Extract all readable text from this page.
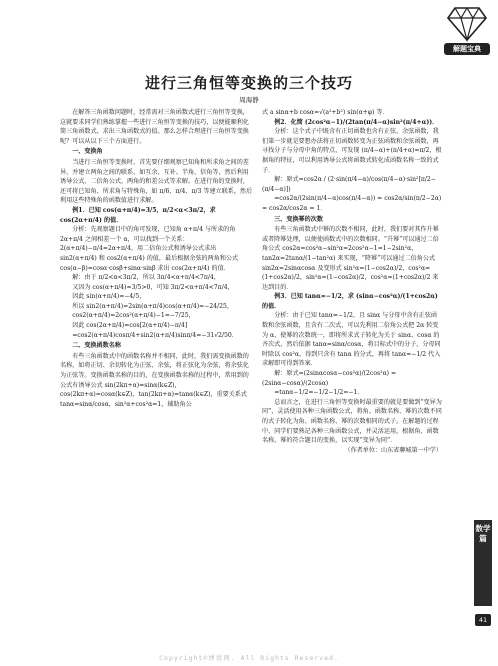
解题宝典
进行三角恒等变换的三个技巧
周海静

在解答三角函数问题时，经常需对三角函数式进行三角恒等变换，这就要求同学们熟练掌握一些进行三角恒等变换的技巧，以便能顺利化简三角函数式、求出三角函数式的值。那么怎样合理进行三角恒等变换呢？可以从以下三个方面进行。

一、变换角

当进行三角恒等变换时，首先要仔细观察已知角和所求角之间的差异，并建立两角之间的联系，如互余、互补、半角、倍角等，然后利用诱导公式、二倍角公式、两角的和差公式等求解。在进行角的变换时，还可将已知角、所求角与特殊角，如 π/6、π/4、π/3 等建立联系，然后利用这些特殊角的函数值进行求解。

例1．已知 cos(α+π/4)=3/5，π/2<α<3π/2，求 cos(2α+π/4) 的值．

分析：先观察题目中的角可发现，已知角 α+π/4 与所求的角 2α+π/4 之间相差一个 α，可以找到一个关系：2(α+π/4)−π/4=2α+π/4，用二倍角公式和诱导公式求出 sin2(α+π/4) 和 cos2(α+π/4) 的值，最后根据余弦的两角和公式 cos(α−β)=cosα·cosβ+sinα·sinβ 求出 cos(2α+π/4) 的值．

解：由于 π/2<α<3π/2，所以 3π/4<α+π/4<7π/4，

又因为 cos(α+π/4)=3/5>0，可知 3π/2<α+π/4<7π/4，

因此 sin(α+π/4)=−4/5，

所以 sin2(α+π/4)=2sin(α+π/4)cos(α+π/4)=−24/25，

cos2(α+π/4)=2cos²(α+π/4)−1=−7/25，

因此 cos(2α+π/4)=cos[2(α+π/4)−π/4]

=cos2(α+π/4)cosπ/4+sin2(α+π/4)sinπ/4=−31√2/50．

二、变换函数名称

有些三角函数式中的函数名称并不相同，此时，我们需变换函数的名称，如将正切、余切转化为正弦、余弦，将正弦化为余弦，将余弦化为正弦等。变换函数名称的目的，在变换函数名称的过程中，常用到的公式有诱导公式 sin(2kπ+α)=sinα(k∈Z)，cos(2kπ+α)=cosα(k∈Z)，tan(2kπ+α)=tanα(k∈Z)，重要关系式 tanα=sinα/cosα，sin²α+cos²α=1，辅助角公

式 a sinα+b cosα=√(a²+b²) sin(α+φ) 等．

例2．化简 (2cos²α−1)/(2tan(π/4−α)sin²(π/4+α))．

分析：这个式子中既含有正切函数也含有正弦、余弦函数，我们第一步就是要想办法将正切函数转变为正弦函数和余弦函数，再寻找分子与分母中角的特点，可发现 (π/4−α)+(π/4+α)=π/2，根据角的特征，可以利用诱导公式将函数式转化成函数名称一致的式子．

解：原式=cos2α / (2·sin(π/4−α)/cos(π/4−α)·sin²[π/2−(π/4−α)])

=cos2α/(2sin(π/4−α)cos(π/4−α)) = cos2α/sin(π/2−2α) = cos2α/cos2α = 1．

三、变换幂的次数

有些三角函数式中幂的次数不相同，此时，我们要对其作升幂或者降幂处理，以便使函数式中的次数相同。“升幂”可以通过二倍角公式 cos2α=cos²α−sin²α=2cos²α−1=1−2sin²α，tan2α=2tanα/(1−tan²α) 来实现，“降幂”可以通过二倍角公式 sin2α=2sinαcosα 及变形式 sin²α=(1−cos2α)/2，cos²α=(1+cos2α)/2，sin²α=(1−cos2α)/2，cos²α=(1+cos2α)/2 来达到目的．

例3．已知 tanα=−1/2，求 (sinα−cos²α)/(1+cos2α) 的值．

分析：由于已知 tanα=−1/2，且 sinα 与分母中含有正弦函数和余弦函数，且含有二次式，可以先利用二倍角公式把 2α 转变为 α，使幂的次数统一，即将所求式子转化为关于 sinα、cosα 的齐次式，然后依据 tanα=sinα/cosα，将目标式中的分子、分母同时除以 cos²α，得到只含有 tanα 的分式，再将 tanα=−1/2 代入求解即可得到答案．

解：原式=(2sinαcosα−cos²α)/(2cos²α) = (2sinα−cosα)/(2cosα)

=tanα−1/2=−1/2−1/2=−1．

总而言之，在进行三角恒等变换时最重要的就是要做到“变异为同”，灵活使用各种三角函数公式，将角、函数名称、幂的次数不同的式子转化为角、函数名称、幂的次数相同的式子。在解题的过程中，同学们要熟记各种三角函数公式，并灵活运用，根据角、函数名称、幂的符合题目的变换，以实现“变异为同”．

（作者单位：山东省聊城第一中学）

数学篇
41
Copyright©博看网. All Rights Reserved.
